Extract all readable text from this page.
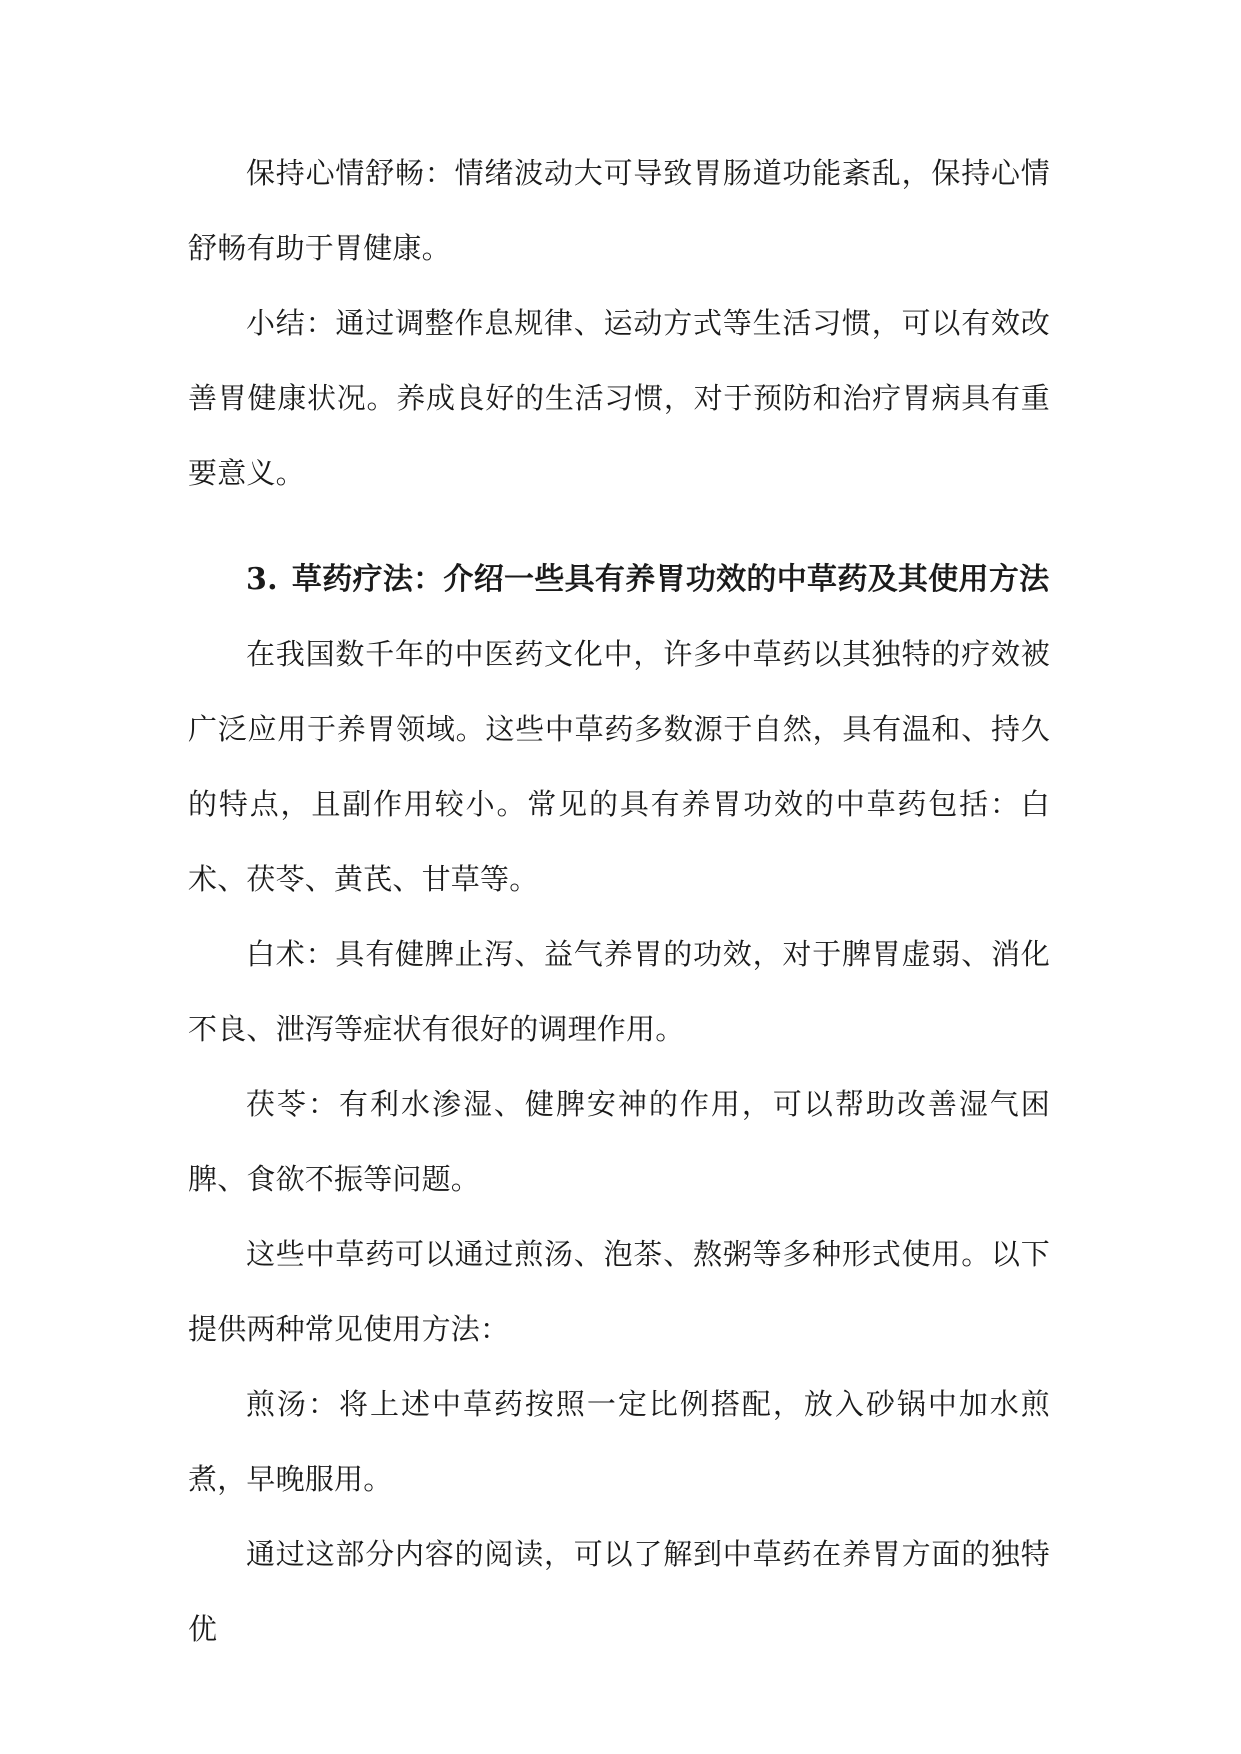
保持心情舒畅：情绪波动大可导致胃肠道功能紊乱，保持心情舒畅有助于胃健康。

小结：通过调整作息规律、运动方式等生活习惯，可以有效改善胃健康状况。养成良好的生活习惯，对于预防和治疗胃病具有重要意义。

3. 草药疗法：介绍一些具有养胃功效的中草药及其使用方法

在我国数千年的中医药文化中，许多中草药以其独特的疗效被广泛应用于养胃领域。这些中草药多数源于自然，具有温和、持久的特点，且副作用较小。常见的具有养胃功效的中草药包括：白术、茯苓、黄芪、甘草等。

白术：具有健脾止泻、益气养胃的功效，对于脾胃虚弱、消化不良、泄泻等症状有很好的调理作用。

茯苓：有利水渗湿、健脾安神的作用，可以帮助改善湿气困脾、食欲不振等问题。

这些中草药可以通过煎汤、泡茶、熬粥等多种形式使用。以下提供两种常见使用方法：

煎汤：将上述中草药按照一定比例搭配，放入砂锅中加水煎煮，早晚服用。

通过这部分内容的阅读，可以了解到中草药在养胃方面的独特优
